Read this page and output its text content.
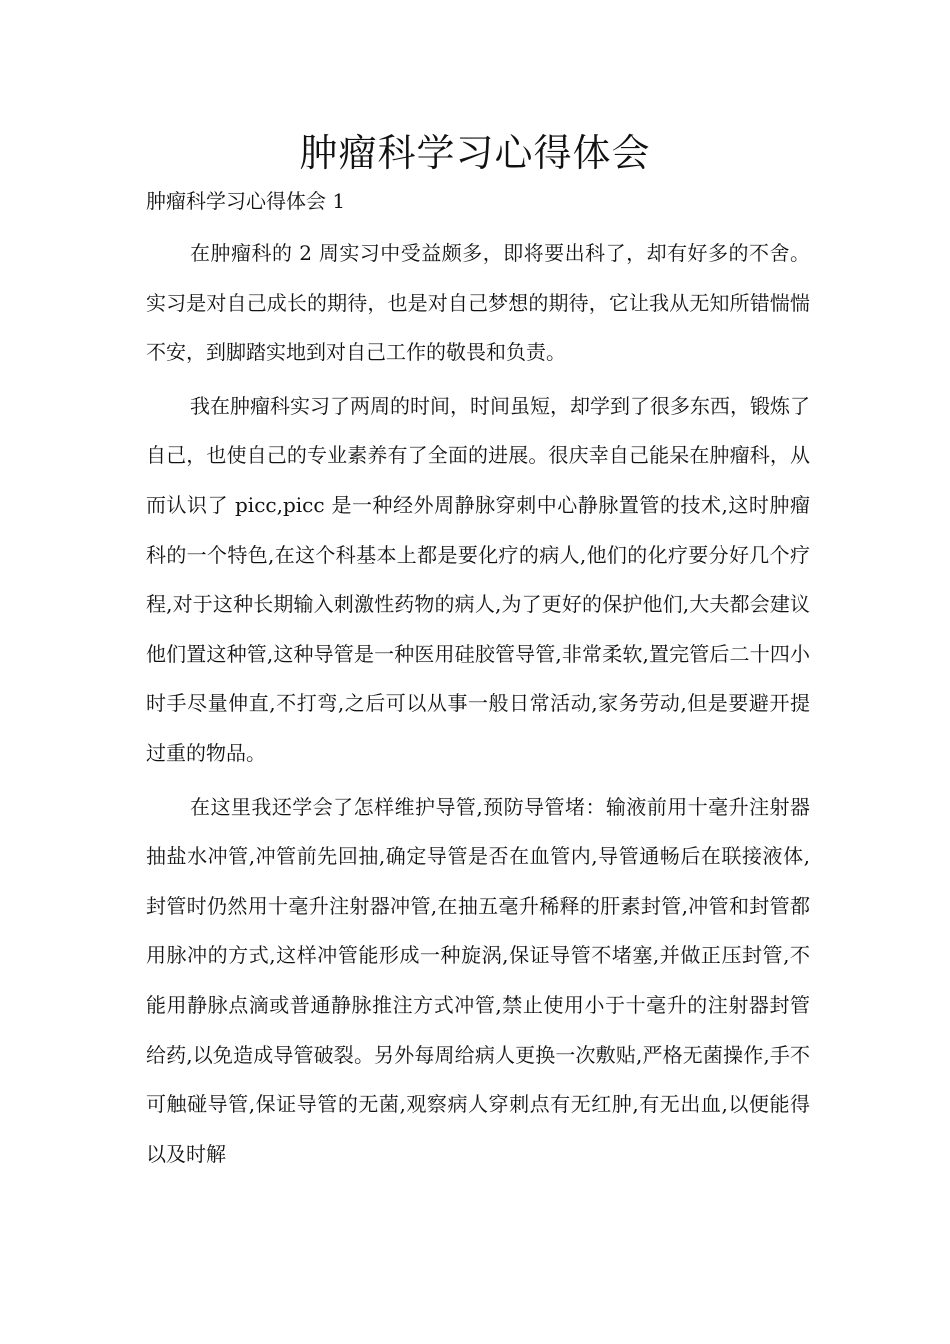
肿瘤科学习心得体会
肿瘤科学习心得体会 1

在肿瘤科的 2 周实习中受益颇多，即将要出科了，却有好多的不舍。实习是对自己成长的期待，也是对自己梦想的期待，它让我从无知所错惴惴不安，到脚踏实地到对自己工作的敬畏和负责。

我在肿瘤科实习了两周的时间，时间虽短，却学到了很多东西，锻炼了自己，也使自己的专业素养有了全面的进展。很庆幸自己能呆在肿瘤科，从而认识了 picc,picc 是一种经外周静脉穿刺中心静脉置管的技术,这时肿瘤科的一个特色,在这个科基本上都是要化疗的病人,他们的化疗要分好几个疗程,对于这种长期输入刺激性药物的病人,为了更好的保护他们,大夫都会建议他们置这种管,这种导管是一种医用硅胶管导管,非常柔软,置完管后二十四小时手尽量伸直,不打弯,之后可以从事一般日常活动,家务劳动,但是要避开提过重的物品。

在这里我还学会了怎样维护导管,预防导管堵：输液前用十毫升注射器抽盐水冲管,冲管前先回抽,确定导管是否在血管内,导管通畅后在联接液体,封管时仍然用十毫升注射器冲管,在抽五毫升稀释的肝素封管,冲管和封管都用脉冲的方式,这样冲管能形成一种旋涡,保证导管不堵塞,并做正压封管,不能用静脉点滴或普通静脉推注方式冲管,禁止使用小于十毫升的注射器封管给药,以免造成导管破裂。另外每周给病人更换一次敷贴,严格无菌操作,手不可触碰导管,保证导管的无菌,观察病人穿刺点有无红肿,有无出血,以便能得以及时解
